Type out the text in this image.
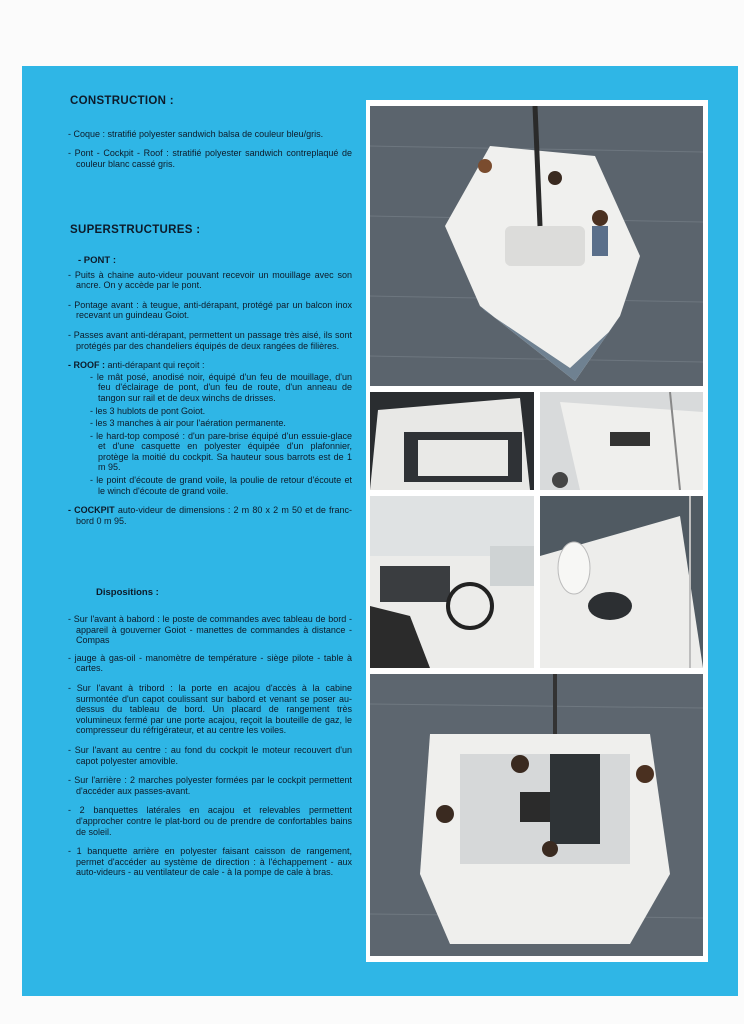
CONSTRUCTION :
- Coque : stratifié polyester sandwich balsa de couleur bleu/gris.
- Pont - Cockpit - Roof : stratifié polyester sandwich contreplaqué de couleur blanc cassé gris.
SUPERSTRUCTURES :
- PONT :
- Puits à chaine auto-videur pouvant recevoir un mouillage avec son ancre. On y accède par le pont.
- Pontage avant : à teugue, anti-dérapant, protégé par un balcon inox recevant un guindeau Goiot.
- Passes avant anti-dérapant, permettent un passage très aisé, ils sont protégés par des chandeliers équipés de deux rangées de filières.
- ROOF : anti-dérapant qui reçoit :
- le mât posé, anodisé noir, équipé d'un feu de mouillage, d'un feu d'éclairage de pont, d'un feu de route, d'un anneau de tangon sur rail et de deux winchs de drisses.
- les 3 hublots de pont Goiot.
- les 3 manches à air pour l'aération permanente.
- le hard-top composé : d'un pare-brise équipé d'un essuie-glace et d'une casquette en polyester équipée d'un plafonnier, protège la moitié du cockpit. Sa hauteur sous barrots est de 1 m 95.
- le point d'écoute de grand voile, la poulie de retour d'écoute et le winch d'écoute de grand voile.
- COCKPIT auto-videur de dimensions : 2 m 80 x 2 m 50 et de franc-bord 0 m 95.
Dispositions :
- Sur l'avant à babord : le poste de commandes avec tableau de bord - appareil à gouverner Goiot - manettes de commandes à distance - Compas
- jauge à gas-oil - manomètre de température - siège pilote - table à cartes.
- Sur l'avant à tribord : la porte en acajou d'accès à la cabine surmontée d'un capot coulissant sur babord et venant se poser au-dessus du tableau de bord. Un placard de rangement très volumineux fermé par une porte acajou, reçoit la bouteille de gaz, le compresseur du réfrigérateur, et au centre les voiles.
- Sur l'avant au centre : au fond du cockpit le moteur recouvert d'un capot polyester amovible.
- Sur l'arrière : 2 marches polyester formées par le cockpit permettent d'accéder aux passes-avant.
- 2 banquettes latérales en acajou et relevables permettent d'approcher contre le plat-bord ou de prendre de confortables bains de soleil.
- 1 banquette arrière en polyester faisant caisson de rangement, permet d'accéder au système de direction : à l'échappement - aux auto-videurs - au ventilateur de cale - à la pompe de cale à bras.
